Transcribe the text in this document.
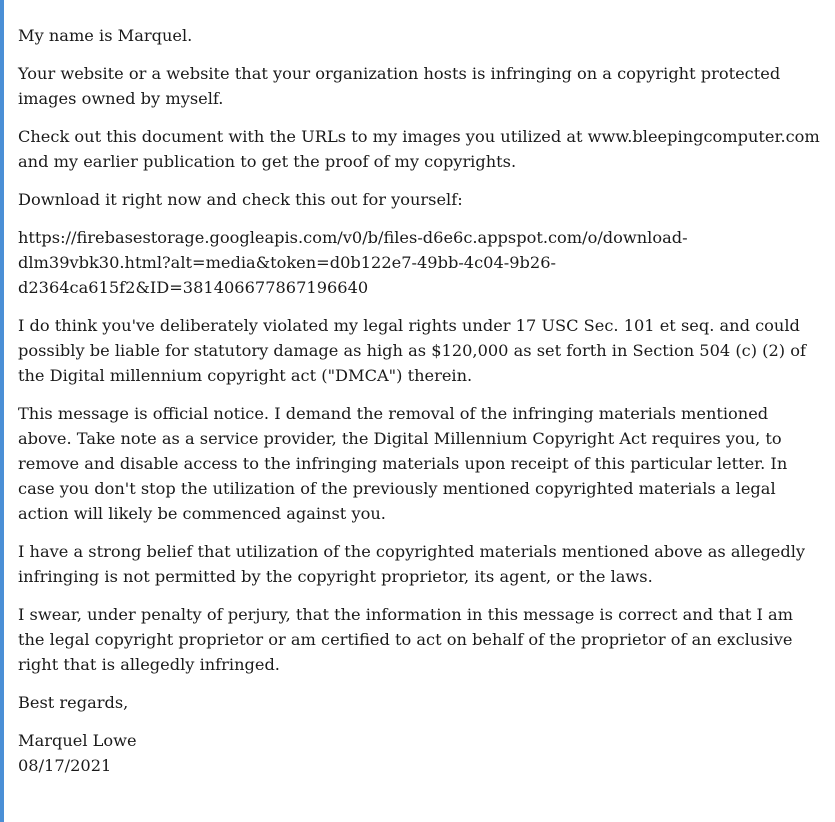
My name is Marquel.

Your website or a website that your organization hosts is infringing on a copyright protected images owned by myself.

Check out this document with the URLs to my images you utilized at www.bleepingcomputer.com and my earlier publication to get the proof of my copyrights.

Download it right now and check this out for yourself:

https://firebasestorage.googleapis.com/v0/b/files-d6e6c.appspot.com/o/download-dlm39vbk30.html?alt=media&token=d0b122e7-49bb-4c04-9b26-d2364ca615f2&ID=381406677867196640

I do think you've deliberately violated my legal rights under 17 USC Sec. 101 et seq. and could possibly be liable for statutory damage as high as $120,000 as set forth in Section 504 (c) (2) of the Digital millennium copyright act ("DMCA") therein.

This message is official notice. I demand the removal of the infringing materials mentioned above. Take note as a service provider, the Digital Millennium Copyright Act requires you, to remove and disable access to the infringing materials upon receipt of this particular letter. In case you don't stop the utilization of the previously mentioned copyrighted materials a legal action will likely be commenced against you.

I have a strong belief that utilization of the copyrighted materials mentioned above as allegedly infringing is not permitted by the copyright proprietor, its agent, or the laws.

I swear, under penalty of perjury, that the information in this message is correct and that I am the legal copyright proprietor or am certified to act on behalf of the proprietor of an exclusive right that is allegedly infringed.

Best regards,

Marquel Lowe
08/17/2021
